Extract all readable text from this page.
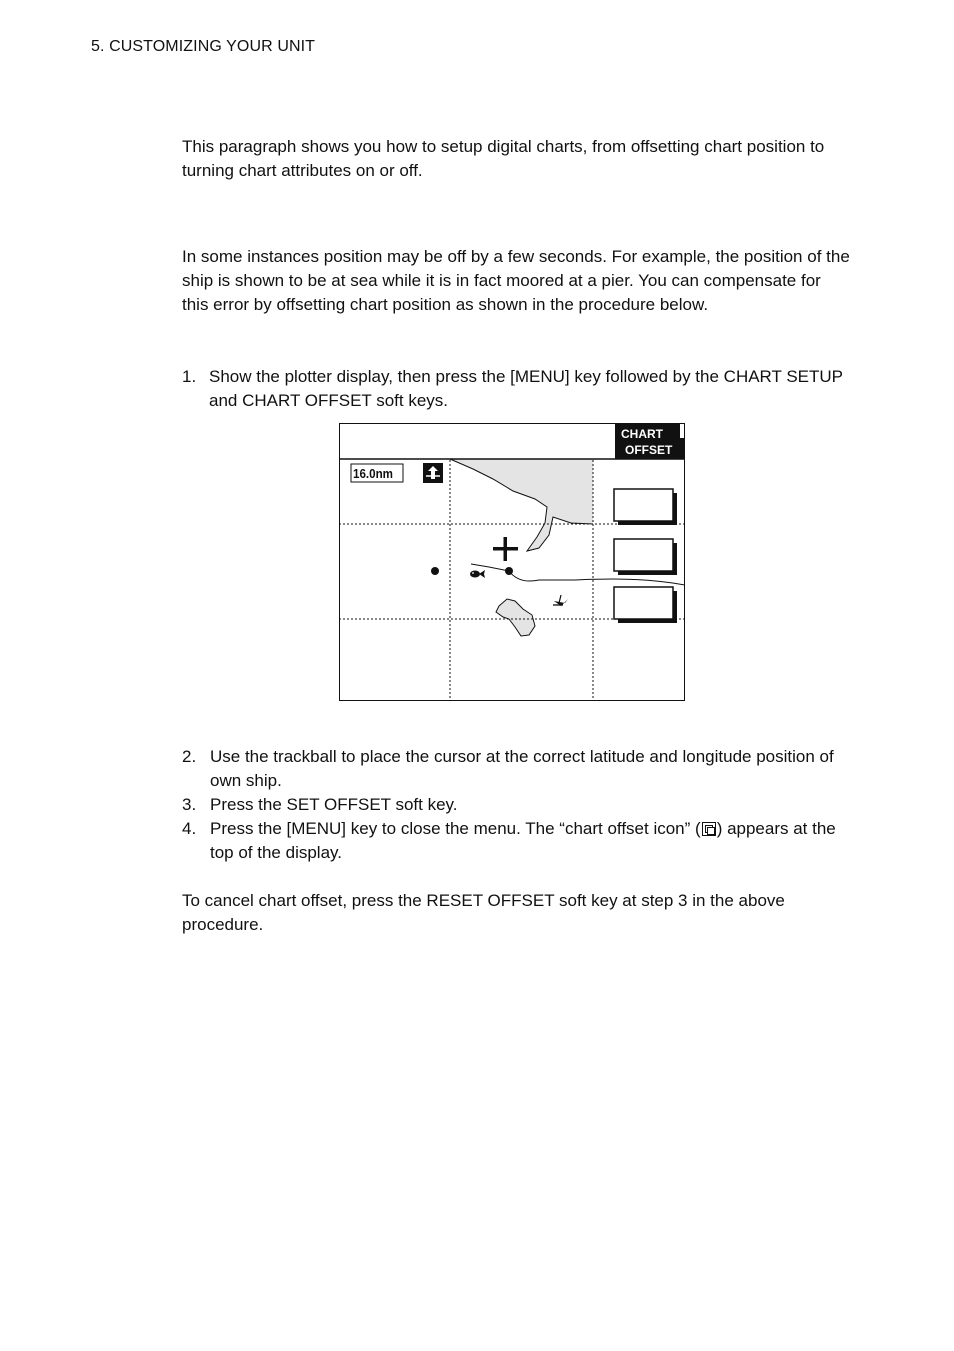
5. CUSTOMIZING YOUR UNIT

This paragraph shows you how to setup digital charts, from offsetting chart position to turning chart attributes on or off.

In some instances position may be off by a few seconds. For example, the position of the ship is shown to be at sea while it is in fact moored at a pier. You can compensate for this error by offsetting chart position as shown in the procedure below.

1. Show the plotter display, then press the [MENU] key followed by the CHART SETUP and CHART OFFSET soft keys.
CHART
OFFSET
16.0nm
2. Use the trackball to place the cursor at the correct latitude and longitude position of own ship.
3. Press the SET OFFSET soft key.
4. Press the [MENU] key to close the menu. The “chart offset icon” ( ) appears at the top of the display.

To cancel chart offset, press the RESET OFFSET soft key at step 3 in the above procedure.
